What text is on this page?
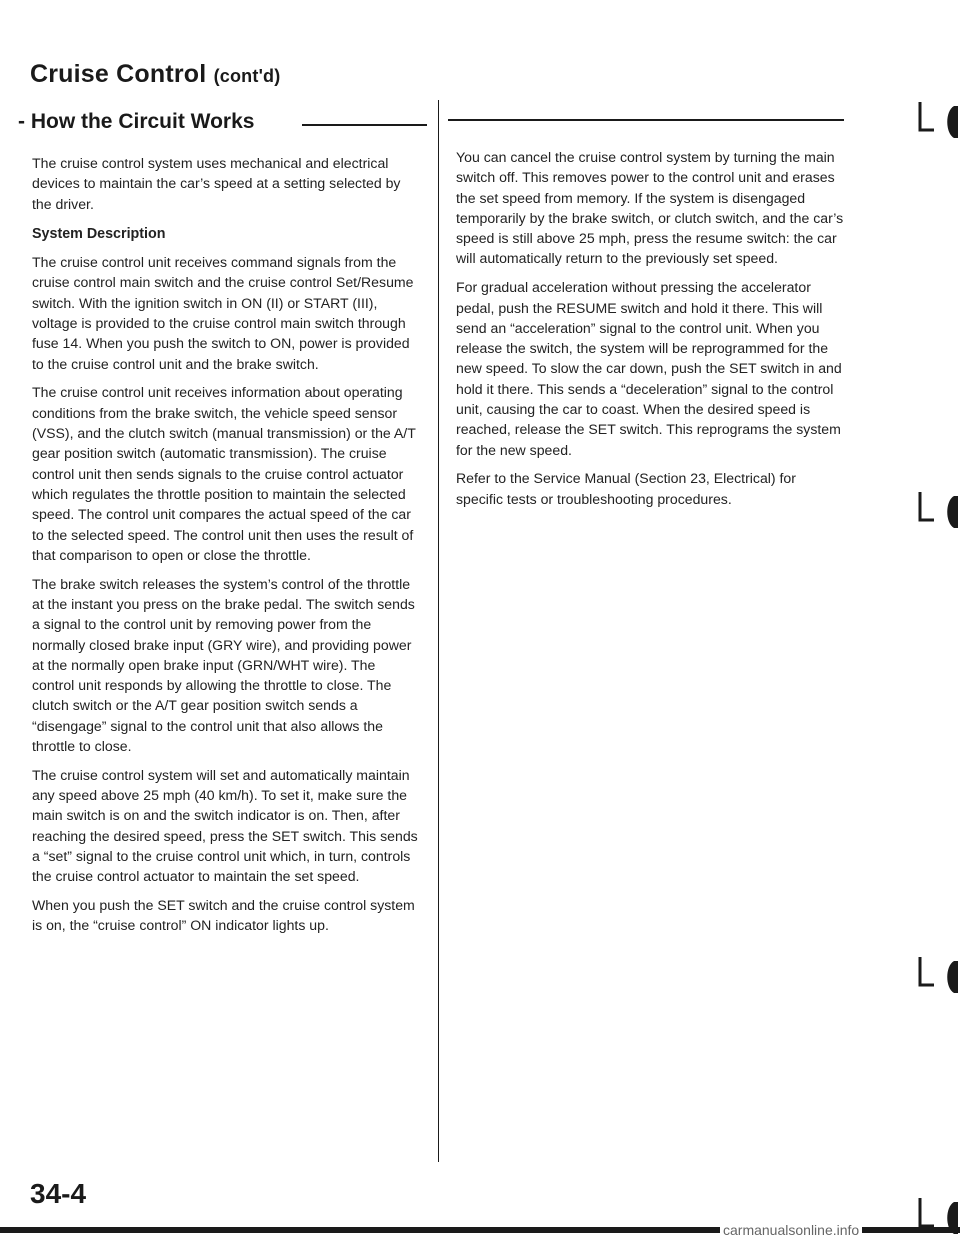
Cruise Control (cont'd)
- How the Circuit Works

The cruise control system uses mechanical and electrical devices to maintain the car’s speed at a setting selected by the driver.

System Description

The cruise control unit receives command signals from the cruise control main switch and the cruise control Set/Resume switch. With the ignition switch in ON (II) or START (III), voltage is provided to the cruise control main switch through fuse 14. When you push the switch to ON, power is provided to the cruise control unit and the brake switch.

The cruise control unit receives information about operating conditions from the brake switch, the vehicle speed sensor (VSS), and the clutch switch (manual transmission) or the A/T gear position switch (automatic transmission). The cruise control unit then sends signals to the cruise control actuator which regulates the throttle position to maintain the selected speed. The control unit compares the actual speed of the car to the selected speed. The control unit then uses the result of that comparison to open or close the throttle.

The brake switch releases the system’s control of the throttle at the instant you press on the brake pedal. The switch sends a signal to the control unit by removing power from the normally closed brake input (GRY wire), and providing power at the normally open brake input (GRN/WHT wire). The control unit responds by allowing the throttle to close. The clutch switch or the A/T gear position switch sends a “disengage” signal to the control unit that also allows the throttle to close.

The cruise control system will set and automatically maintain any speed above 25 mph (40 km/h). To set it, make sure the main switch is on and the switch indicator is on. Then, after reaching the desired speed, press the SET switch. This sends a “set” signal to the cruise control unit which, in turn, controls the cruise control actuator to maintain the set speed.

When you push the SET switch and the cruise control system is on, the “cruise control” ON indicator lights up.

You can cancel the cruise control system by turning the main switch off. This removes power to the control unit and erases the set speed from memory. If the system is disengaged temporarily by the brake switch, or clutch switch, and the car’s speed is still above 25 mph, press the resume switch: the car will automatically return to the previously set speed.

For gradual acceleration without pressing the accelerator pedal, push the RESUME switch and hold it there. This will send an “acceleration” signal to the control unit. When you release the switch, the system will be reprogrammed for the new speed. To slow the car down, push the SET switch in and hold it there. This sends a “deceleration” signal to the control unit, causing the car to coast. When the desired speed is reached, release the SET switch. This reprograms the system for the new speed.

Refer to the Service Manual (Section 23, Electrical) for specific tests or troubleshooting procedures.

34-4
carmanualsonline.info
